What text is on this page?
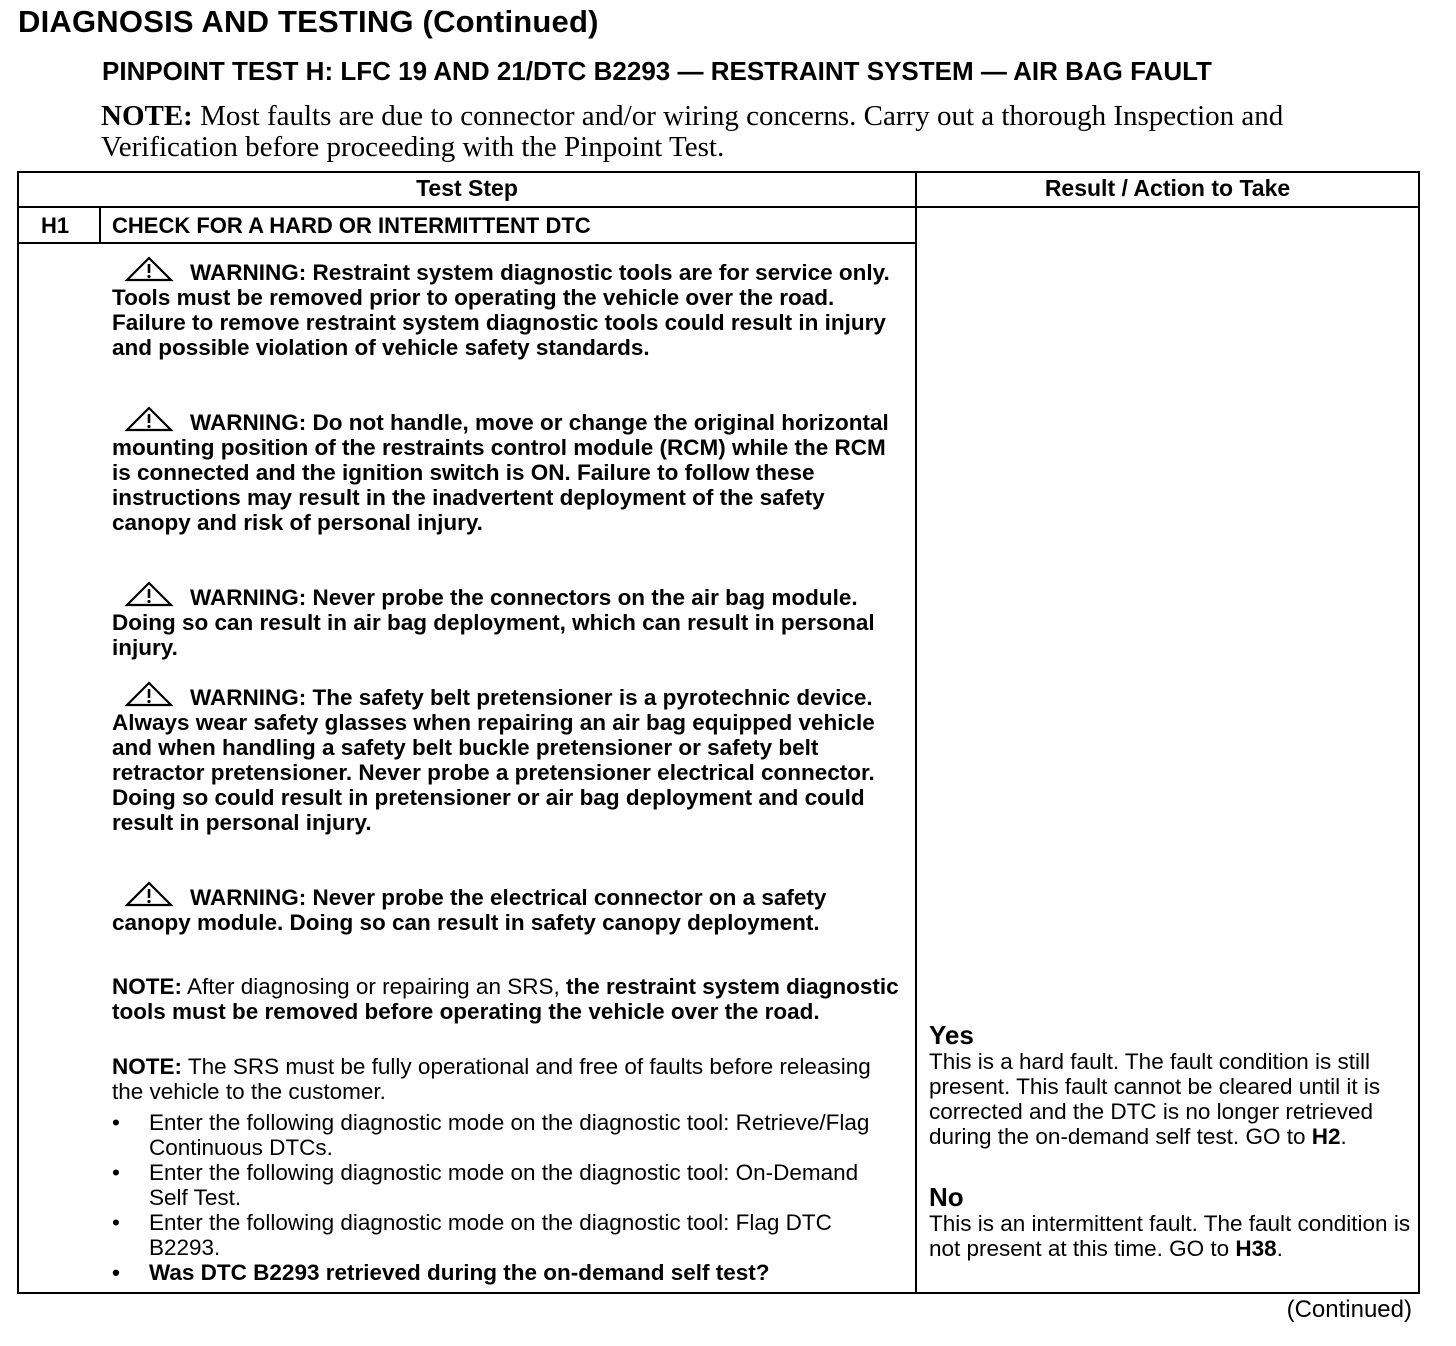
DIAGNOSIS AND TESTING (Continued)
PINPOINT TEST H: LFC 19 AND 21/DTC B2293 — RESTRAINT SYSTEM — AIR BAG FAULT
NOTE: Most faults are due to connector and/or wiring concerns. Carry out a thorough Inspection and Verification before proceeding with the Pinpoint Test.
Test Step	Result / Action to Take
H1 CHECK FOR A HARD OR INTERMITTENT DTC
WARNING: Restraint system diagnostic tools are for service only. Tools must be removed prior to operating the vehicle over the road. Failure to remove restraint system diagnostic tools could result in injury and possible violation of vehicle safety standards.
WARNING: Do not handle, move or change the original horizontal mounting position of the restraints control module (RCM) while the RCM is connected and the ignition switch is ON. Failure to follow these instructions may result in the inadvertent deployment of the safety canopy and risk of personal injury.
WARNING: Never probe the connectors on the air bag module. Doing so can result in air bag deployment, which can result in personal injury.
WARNING: The safety belt pretensioner is a pyrotechnic device. Always wear safety glasses when repairing an air bag equipped vehicle and when handling a safety belt buckle pretensioner or safety belt retractor pretensioner. Never probe a pretensioner electrical connector. Doing so could result in pretensioner or air bag deployment and could result in personal injury.
WARNING: Never probe the electrical connector on a safety canopy module. Doing so can result in safety canopy deployment.
NOTE: After diagnosing or repairing an SRS, the restraint system diagnostic tools must be removed before operating the vehicle over the road.
NOTE: The SRS must be fully operational and free of faults before releasing the vehicle to the customer.
•	Enter the following diagnostic mode on the diagnostic tool: Retrieve/Flag Continuous DTCs.
•	Enter the following diagnostic mode on the diagnostic tool: On-Demand Self Test.
•	Enter the following diagnostic mode on the diagnostic tool: Flag DTC B2293.
•	Was DTC B2293 retrieved during the on-demand self test?
Yes
This is a hard fault. The fault condition is still present. This fault cannot be cleared until it is corrected and the DTC is no longer retrieved during the on-demand self test. GO to H2.
No
This is an intermittent fault. The fault condition is not present at this time. GO to H38.
(Continued)
